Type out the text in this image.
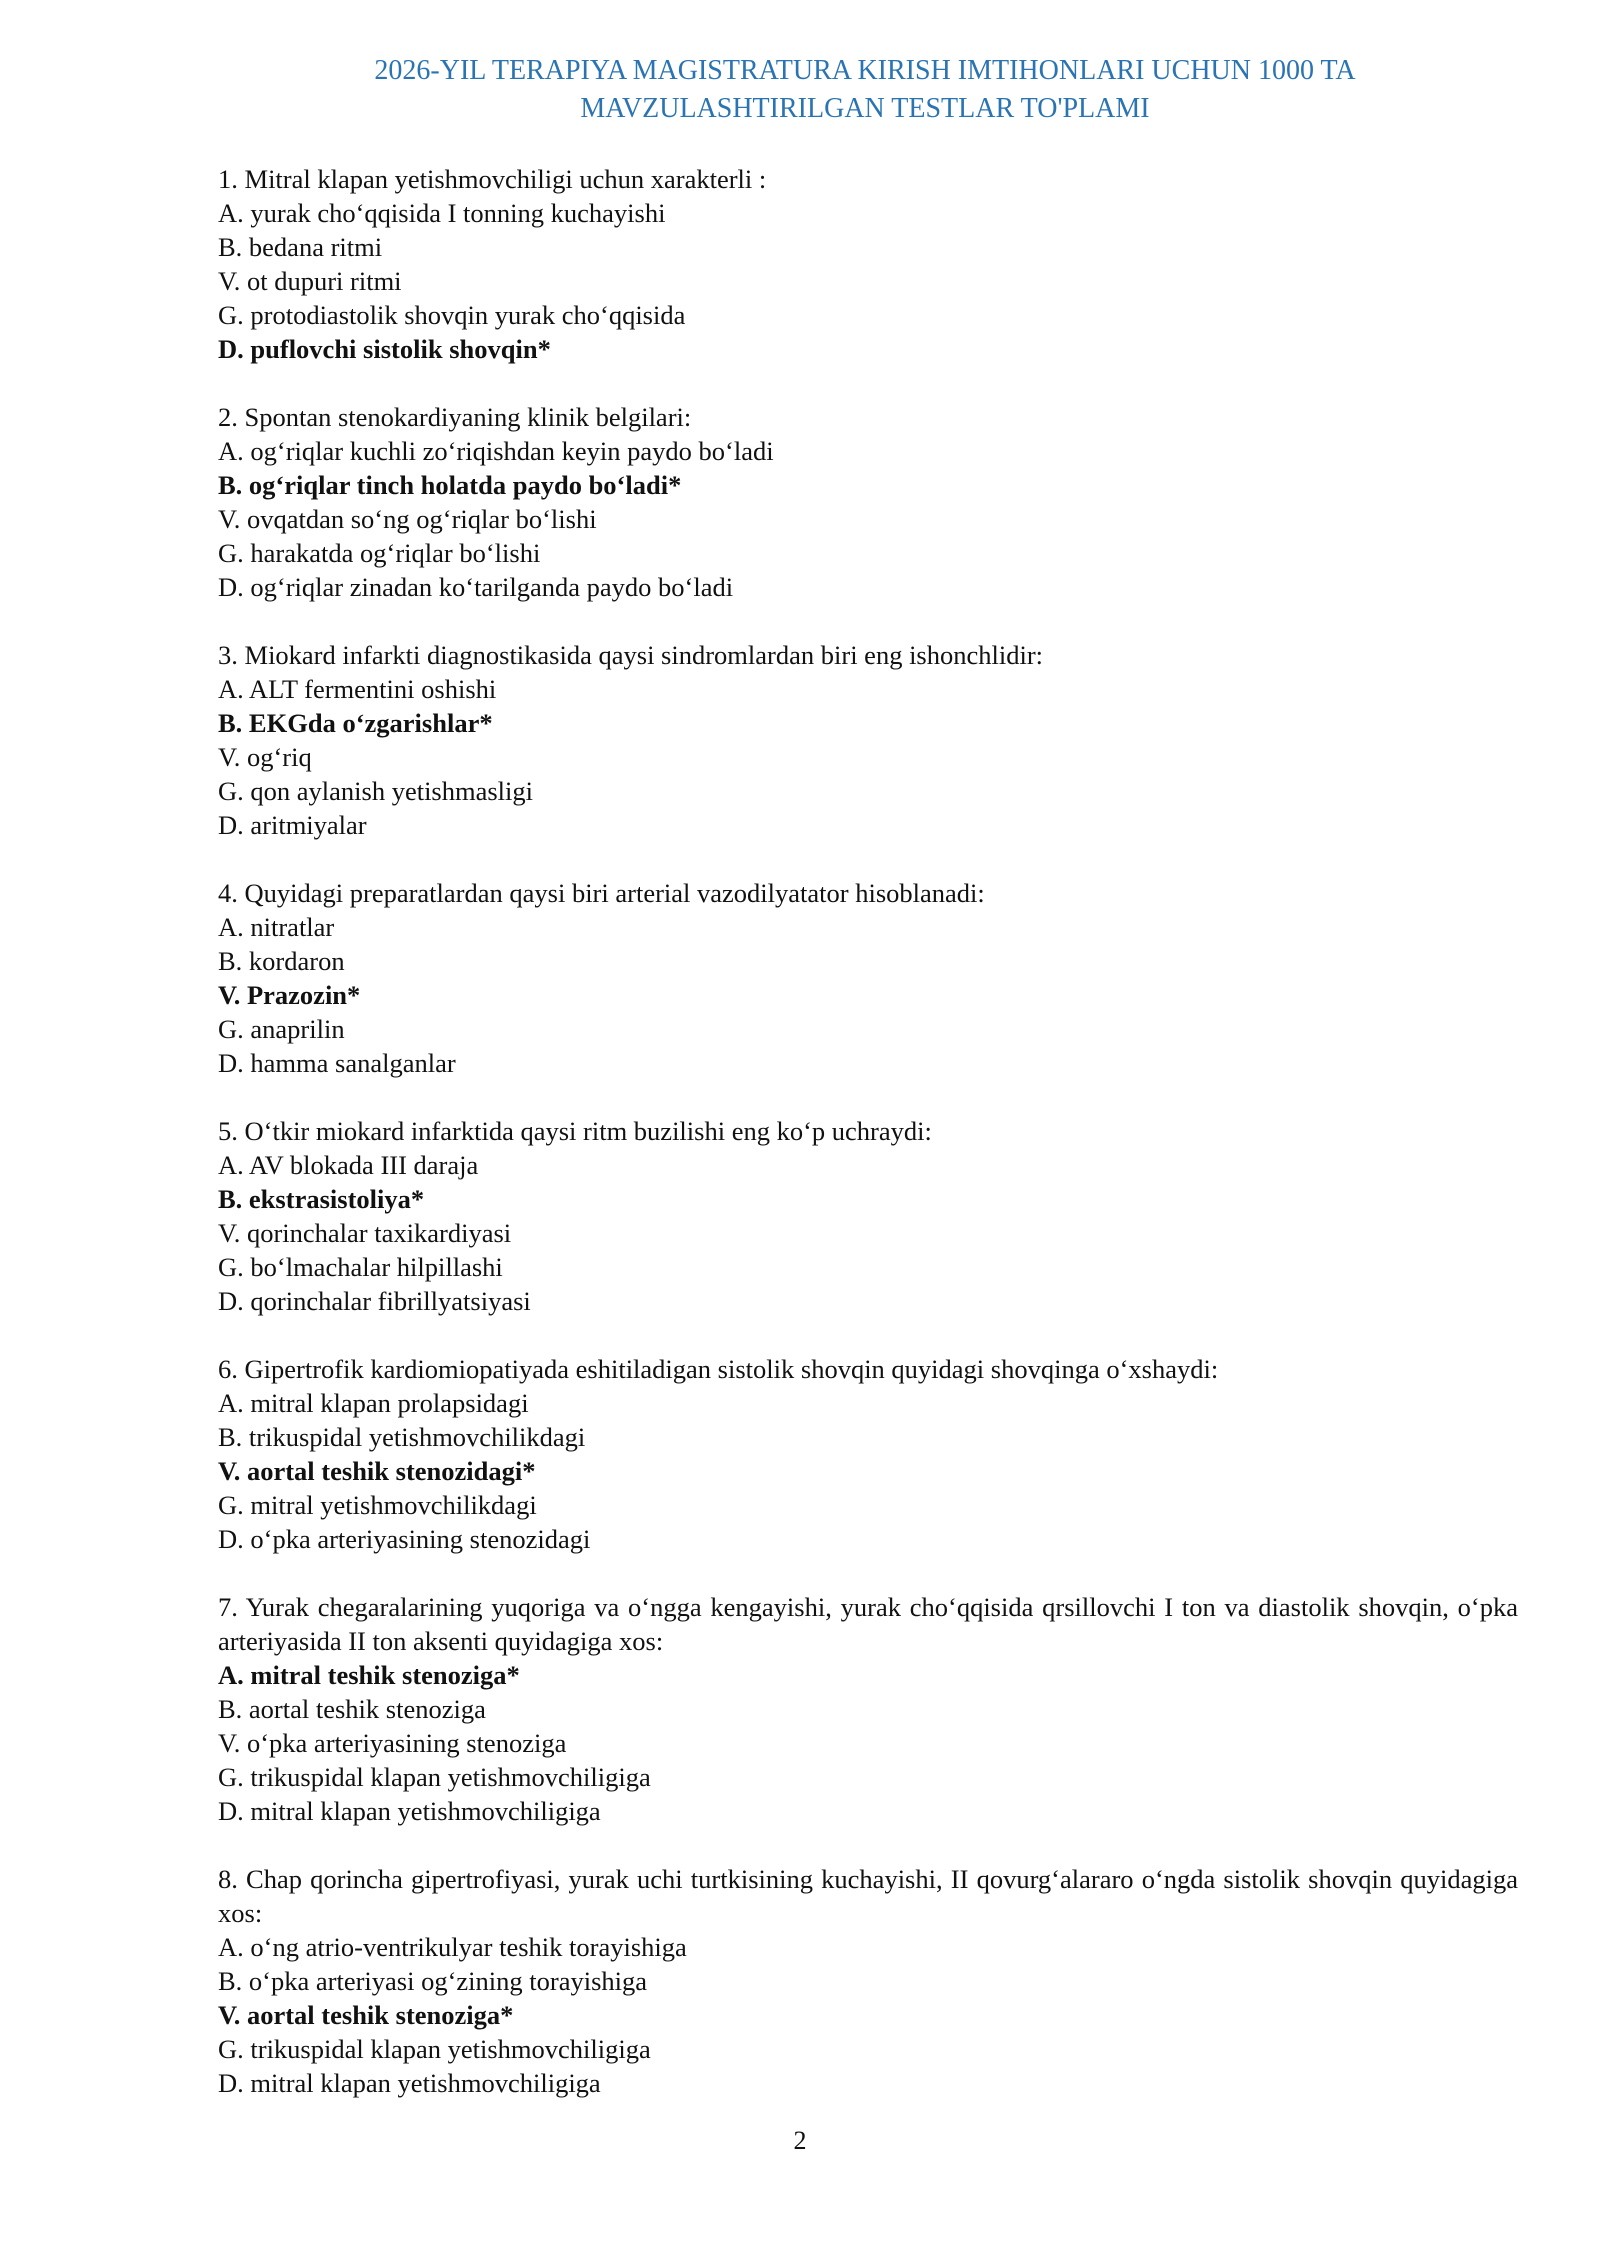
2026-YIL TERAPIYA MAGISTRATURA KIRISH IMTIHONLARI UCHUN 1000 TA
MAVZULASHTIRILGAN TESTLAR TO'PLAMI

1. Mitral klapan yetishmovchiligi uchun xarakterli :

A. yurak cho‘qqisida I tonning kuchayishi

B. bedana ritmi

V. ot dupuri ritmi

G. protodiastolik shovqin yurak cho‘qqisida

D. puflovchi sistolik shovqin*

2. Spontan stenokardiyaning klinik belgilari:

A. og‘riqlar kuchli zo‘riqishdan keyin paydo bo‘ladi

B. og‘riqlar tinch holatda paydo bo‘ladi*

V. ovqatdan so‘ng og‘riqlar bo‘lishi

G. harakatda og‘riqlar bo‘lishi

D. og‘riqlar zinadan ko‘tarilganda paydo bo‘ladi

3. Miokard infarkti diagnostikasida qaysi sindromlardan biri eng ishonchlidir:

A. ALT fermentini oshishi

B. EKGda o‘zgarishlar*

V. og‘riq

G. qon aylanish yetishmasligi

D. aritmiyalar

4. Quyidagi preparatlardan qaysi biri arterial vazodilyatator hisoblanadi:

A. nitratlar

B. kordaron

V. Prazozin*

G. anaprilin

D. hamma sanalganlar

5. O‘tkir miokard infarktida qaysi ritm buzilishi eng ko‘p uchraydi:

A. AV blokada III daraja

B. ekstrasistoliya*

V. qorinchalar taxikardiyasi

G. bo‘lmachalar hilpillashi

D. qorinchalar fibrillyatsiyasi

6. Gipertrofik kardiomiopatiyada eshitiladigan sistolik shovqin quyidagi shovqinga o‘xshaydi:

A. mitral klapan prolapsidagi

B. trikuspidal yetishmovchilikdagi

V. aortal teshik stenozidagi*

G. mitral yetishmovchilikdagi

D. o‘pka arteriyasining stenozidagi

7. Yurak chegaralarining yuqoriga va o‘ngga kengayishi, yurak cho‘qqisida qrsillovchi I ton va diastolik shovqin, o‘pka arteriyasida II ton aksenti quyidagiga xos:

A. mitral teshik stenoziga*

B. aortal teshik stenoziga

V. o‘pka arteriyasining stenoziga

G. trikuspidal klapan yetishmovchiligiga

D. mitral klapan yetishmovchiligiga

8. Chap qorincha gipertrofiyasi, yurak uchi turtkisining kuchayishi, II qovurg‘alararo o‘ngda sistolik shovqin quyidagiga xos:

A. o‘ng atrio-ventrikulyar teshik torayishiga

B. o‘pka arteriyasi og‘zining torayishiga

V. aortal teshik stenoziga*

G. trikuspidal klapan yetishmovchiligiga

D. mitral klapan yetishmovchiligiga

2
